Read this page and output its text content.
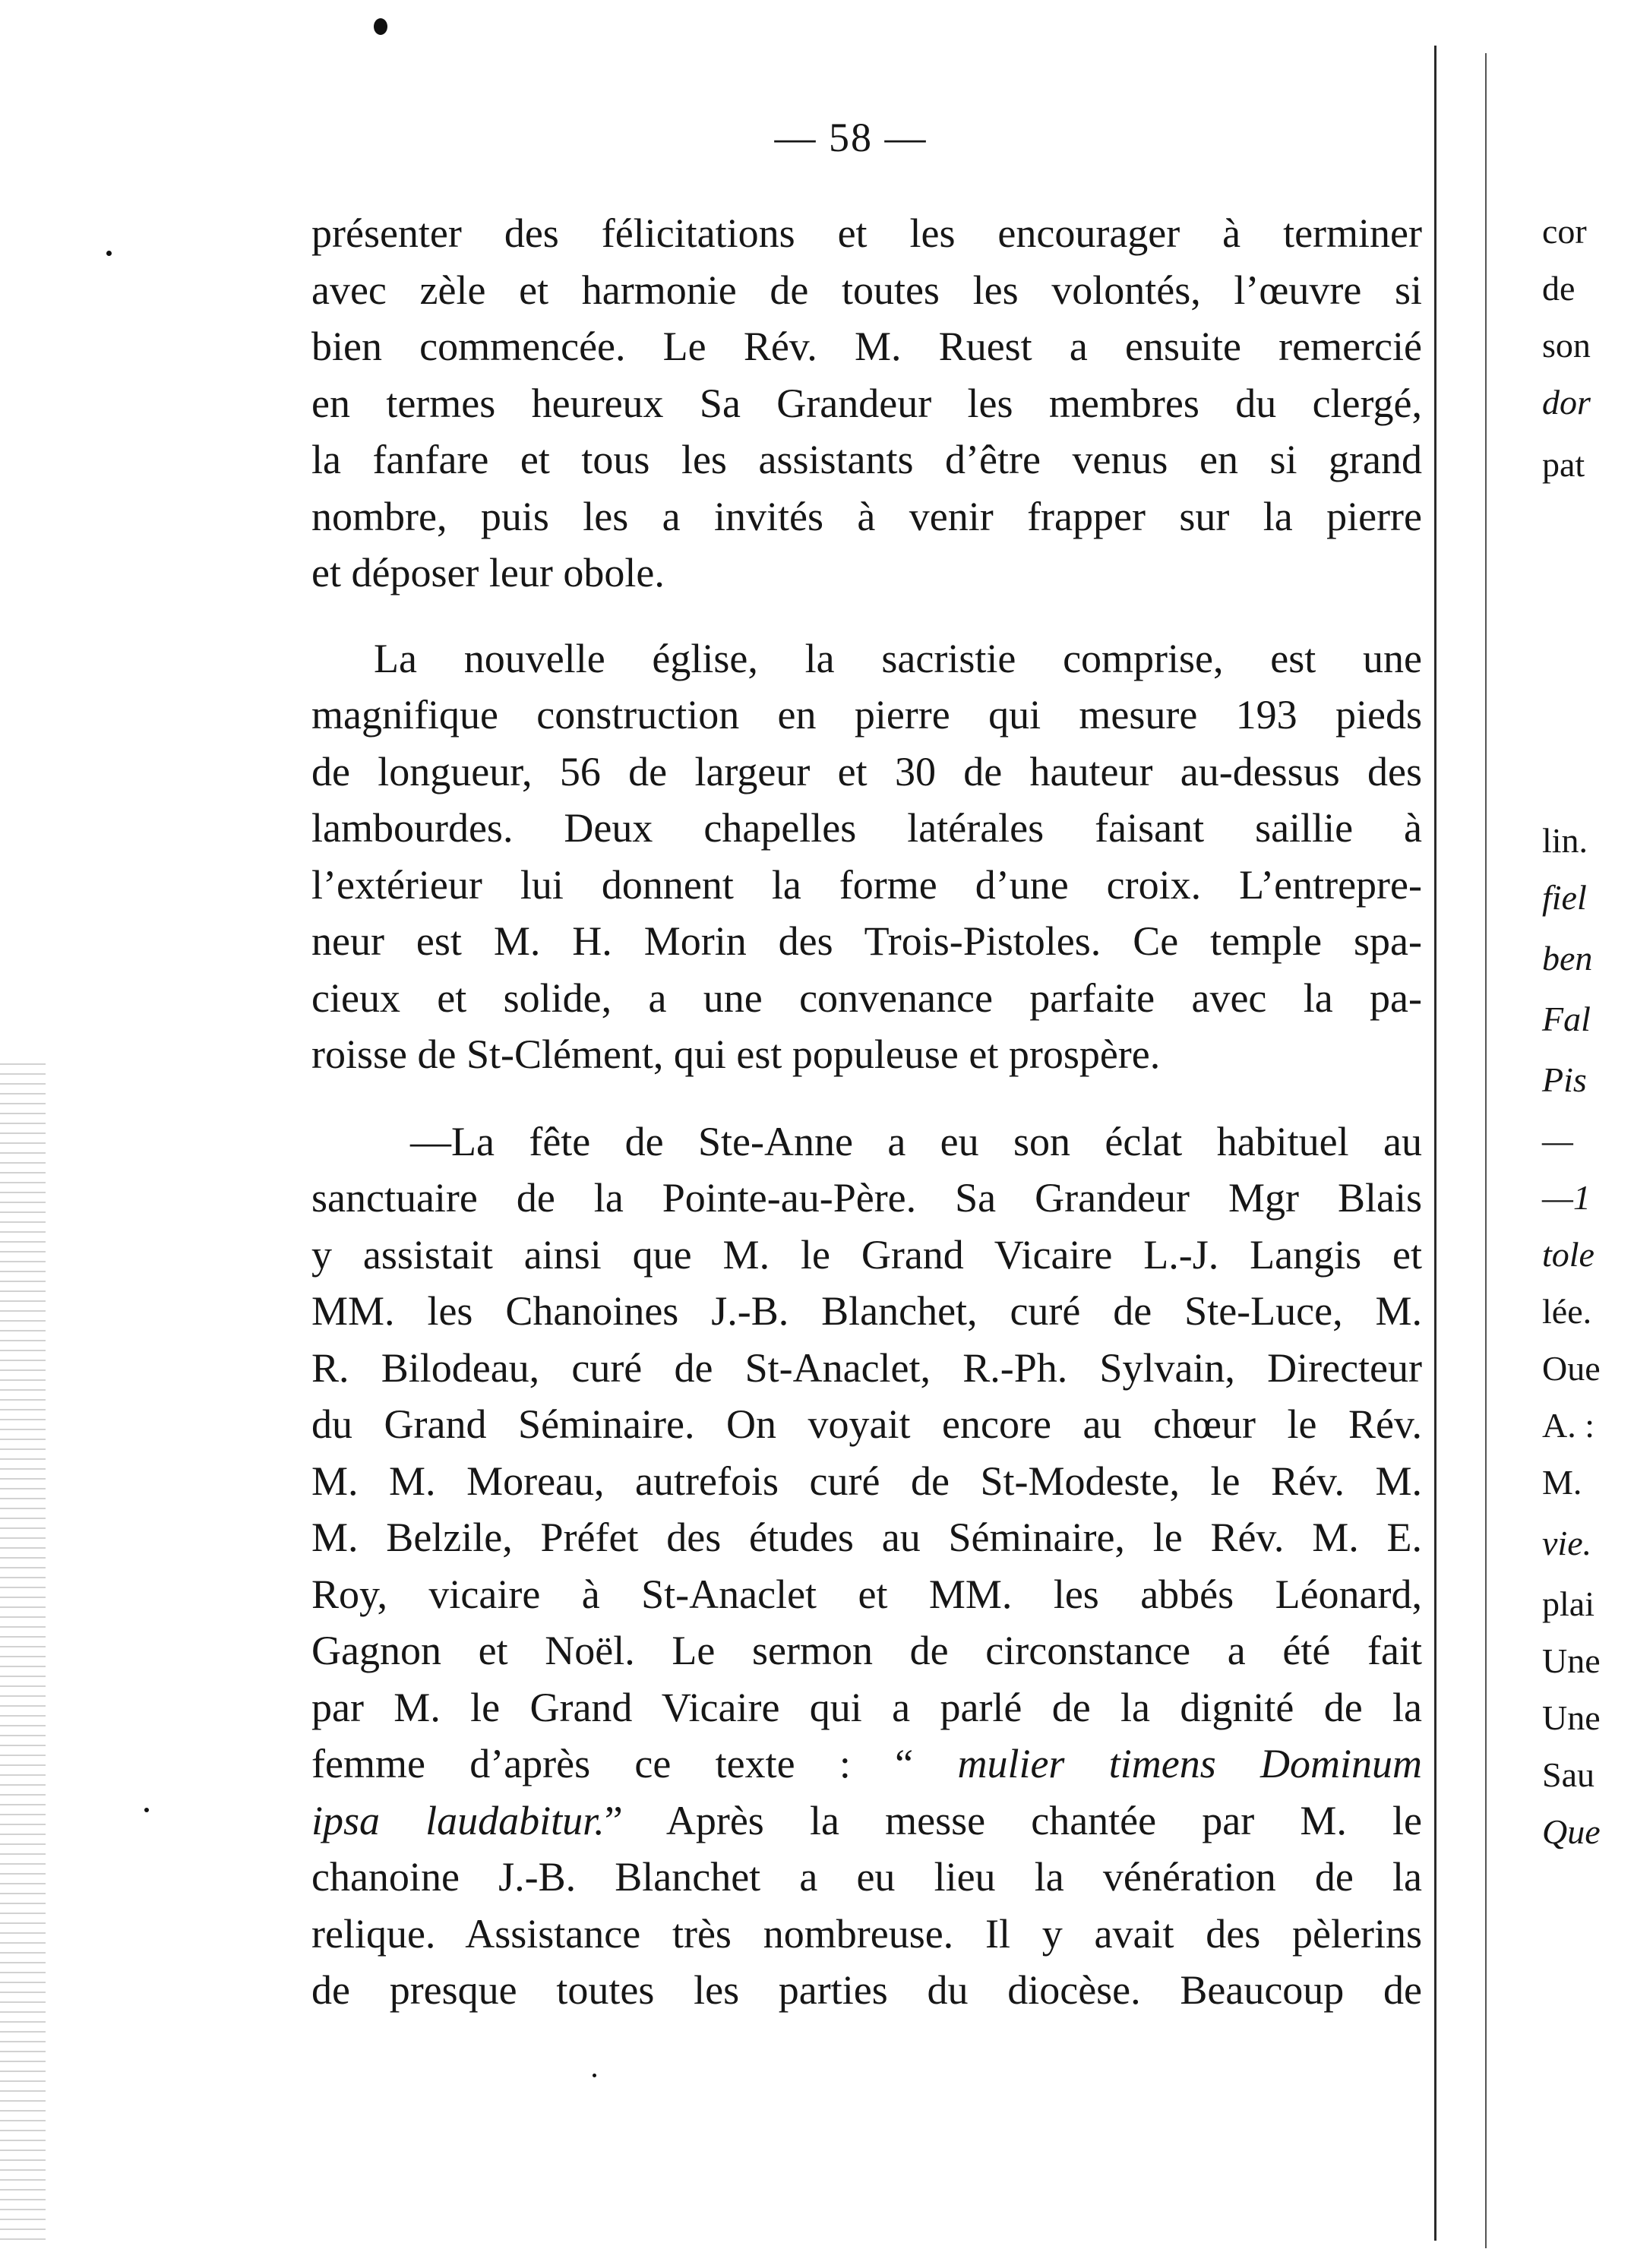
— 58 —
présenter des félicitations et les encourager à terminer
avec zèle et harmonie de toutes les volontés, l’œuvre si
bien commencée. Le Rév. M. Ruest a ensuite remercié
en termes heureux Sa Grandeur les membres du clergé,
la fanfare et tous les assistants d’être venus en si grand
nombre, puis les a invités à venir frapper sur la pierre
et déposer leur obole.
La nouvelle église, la sacristie comprise, est une
magnifique construction en pierre qui mesure 193 pieds
de longueur, 56 de largeur et 30 de hauteur au-dessus des
lambourdes. Deux chapelles latérales faisant saillie à
l’extérieur lui donnent la forme d’une croix. L’entrepre-
neur est M. H. Morin des Trois-Pistoles. Ce temple spa-
cieux et solide, a une convenance parfaite avec la pa-
roisse de St-Clément, qui est populeuse et prospère.
—La fête de Ste-Anne a eu son éclat habituel au
sanctuaire de la Pointe-au-Père. Sa Grandeur Mgr Blais
y assistait ainsi que M. le Grand Vicaire L.-J. Langis et
MM. les Chanoines J.-B. Blanchet, curé de Ste-Luce, M.
R. Bilodeau, curé de St-Anaclet, R.-Ph. Sylvain, Directeur
du Grand Séminaire. On voyait encore au chœur le Rév.
M. M. Moreau, autrefois curé de St-Modeste, le Rév. M.
M. Belzile, Préfet des études au Séminaire, le Rév. M. E.
Roy, vicaire à St-Anaclet et MM. les abbés Léonard,
Gagnon et Noël. Le sermon de circonstance a été fait
par M. le Grand Vicaire qui a parlé de la dignité de la
femme d’après ce texte : “ mulier timens Dominum
ipsa laudabitur.” Après la messe chantée par M. le
chanoine J.-B. Blanchet a eu lieu la vénération de la
relique. Assistance très nombreuse. Il y avait des pèlerins
de presque toutes les parties du diocèse. Beaucoup de
cor
de
son
dor
pat
lin.
fiel
ben
Fal
Pis
—
—1
tole
lée.
Oue
A. :
M.
vie.
plai
Une
Une
Sau
Que
